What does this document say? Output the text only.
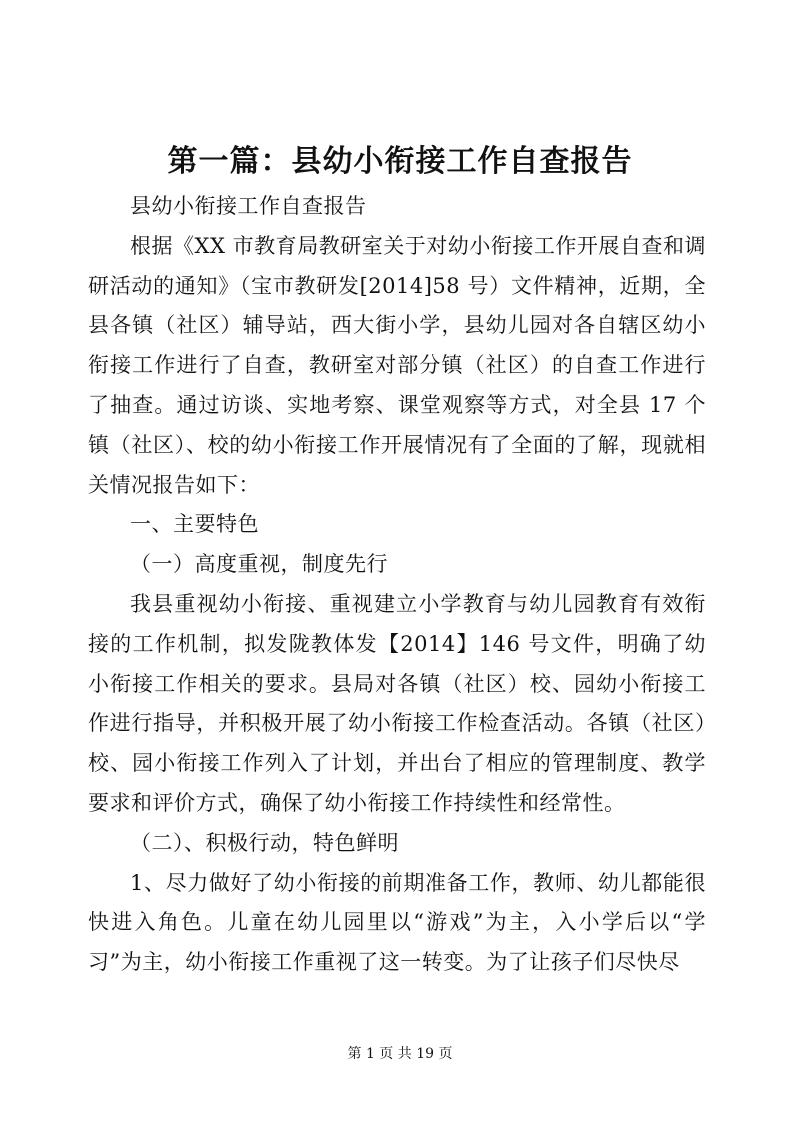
第一篇：县幼小衔接工作自查报告

县幼小衔接工作自查报告

根据《XX 市教育局教研室关于对幼小衔接工作开展自查和调研活动的通知》（宝市教研发[2014]58 号）文件精神，近期，全县各镇（社区）辅导站，西大街小学，县幼儿园对各自辖区幼小衔接工作进行了自查，教研室对部分镇（社区）的自查工作进行了抽查。通过访谈、实地考察、课堂观察等方式，对全县 17 个镇（社区）、校的幼小衔接工作开展情况有了全面的了解，现就相关情况报告如下：

一、主要特色

（一）高度重视，制度先行

我县重视幼小衔接、重视建立小学教育与幼儿园教育有效衔接的工作机制，拟发陇教体发【2014】146 号文件，明确了幼小衔接工作相关的要求。县局对各镇（社区）校、园幼小衔接工作进行指导，并积极开展了幼小衔接工作检查活动。各镇（社区）校、园小衔接工作列入了计划，并出台了相应的管理制度、教学要求和评价方式，确保了幼小衔接工作持续性和经常性。

（二）、积极行动，特色鲜明

1、尽力做好了幼小衔接的前期准备工作，教师、幼儿都能很快进入角色。儿童在幼儿园里以“游戏”为主，入小学后以“学习”为主，幼小衔接工作重视了这一转变。为了让孩子们尽快尽

第 1 页 共 19 页
